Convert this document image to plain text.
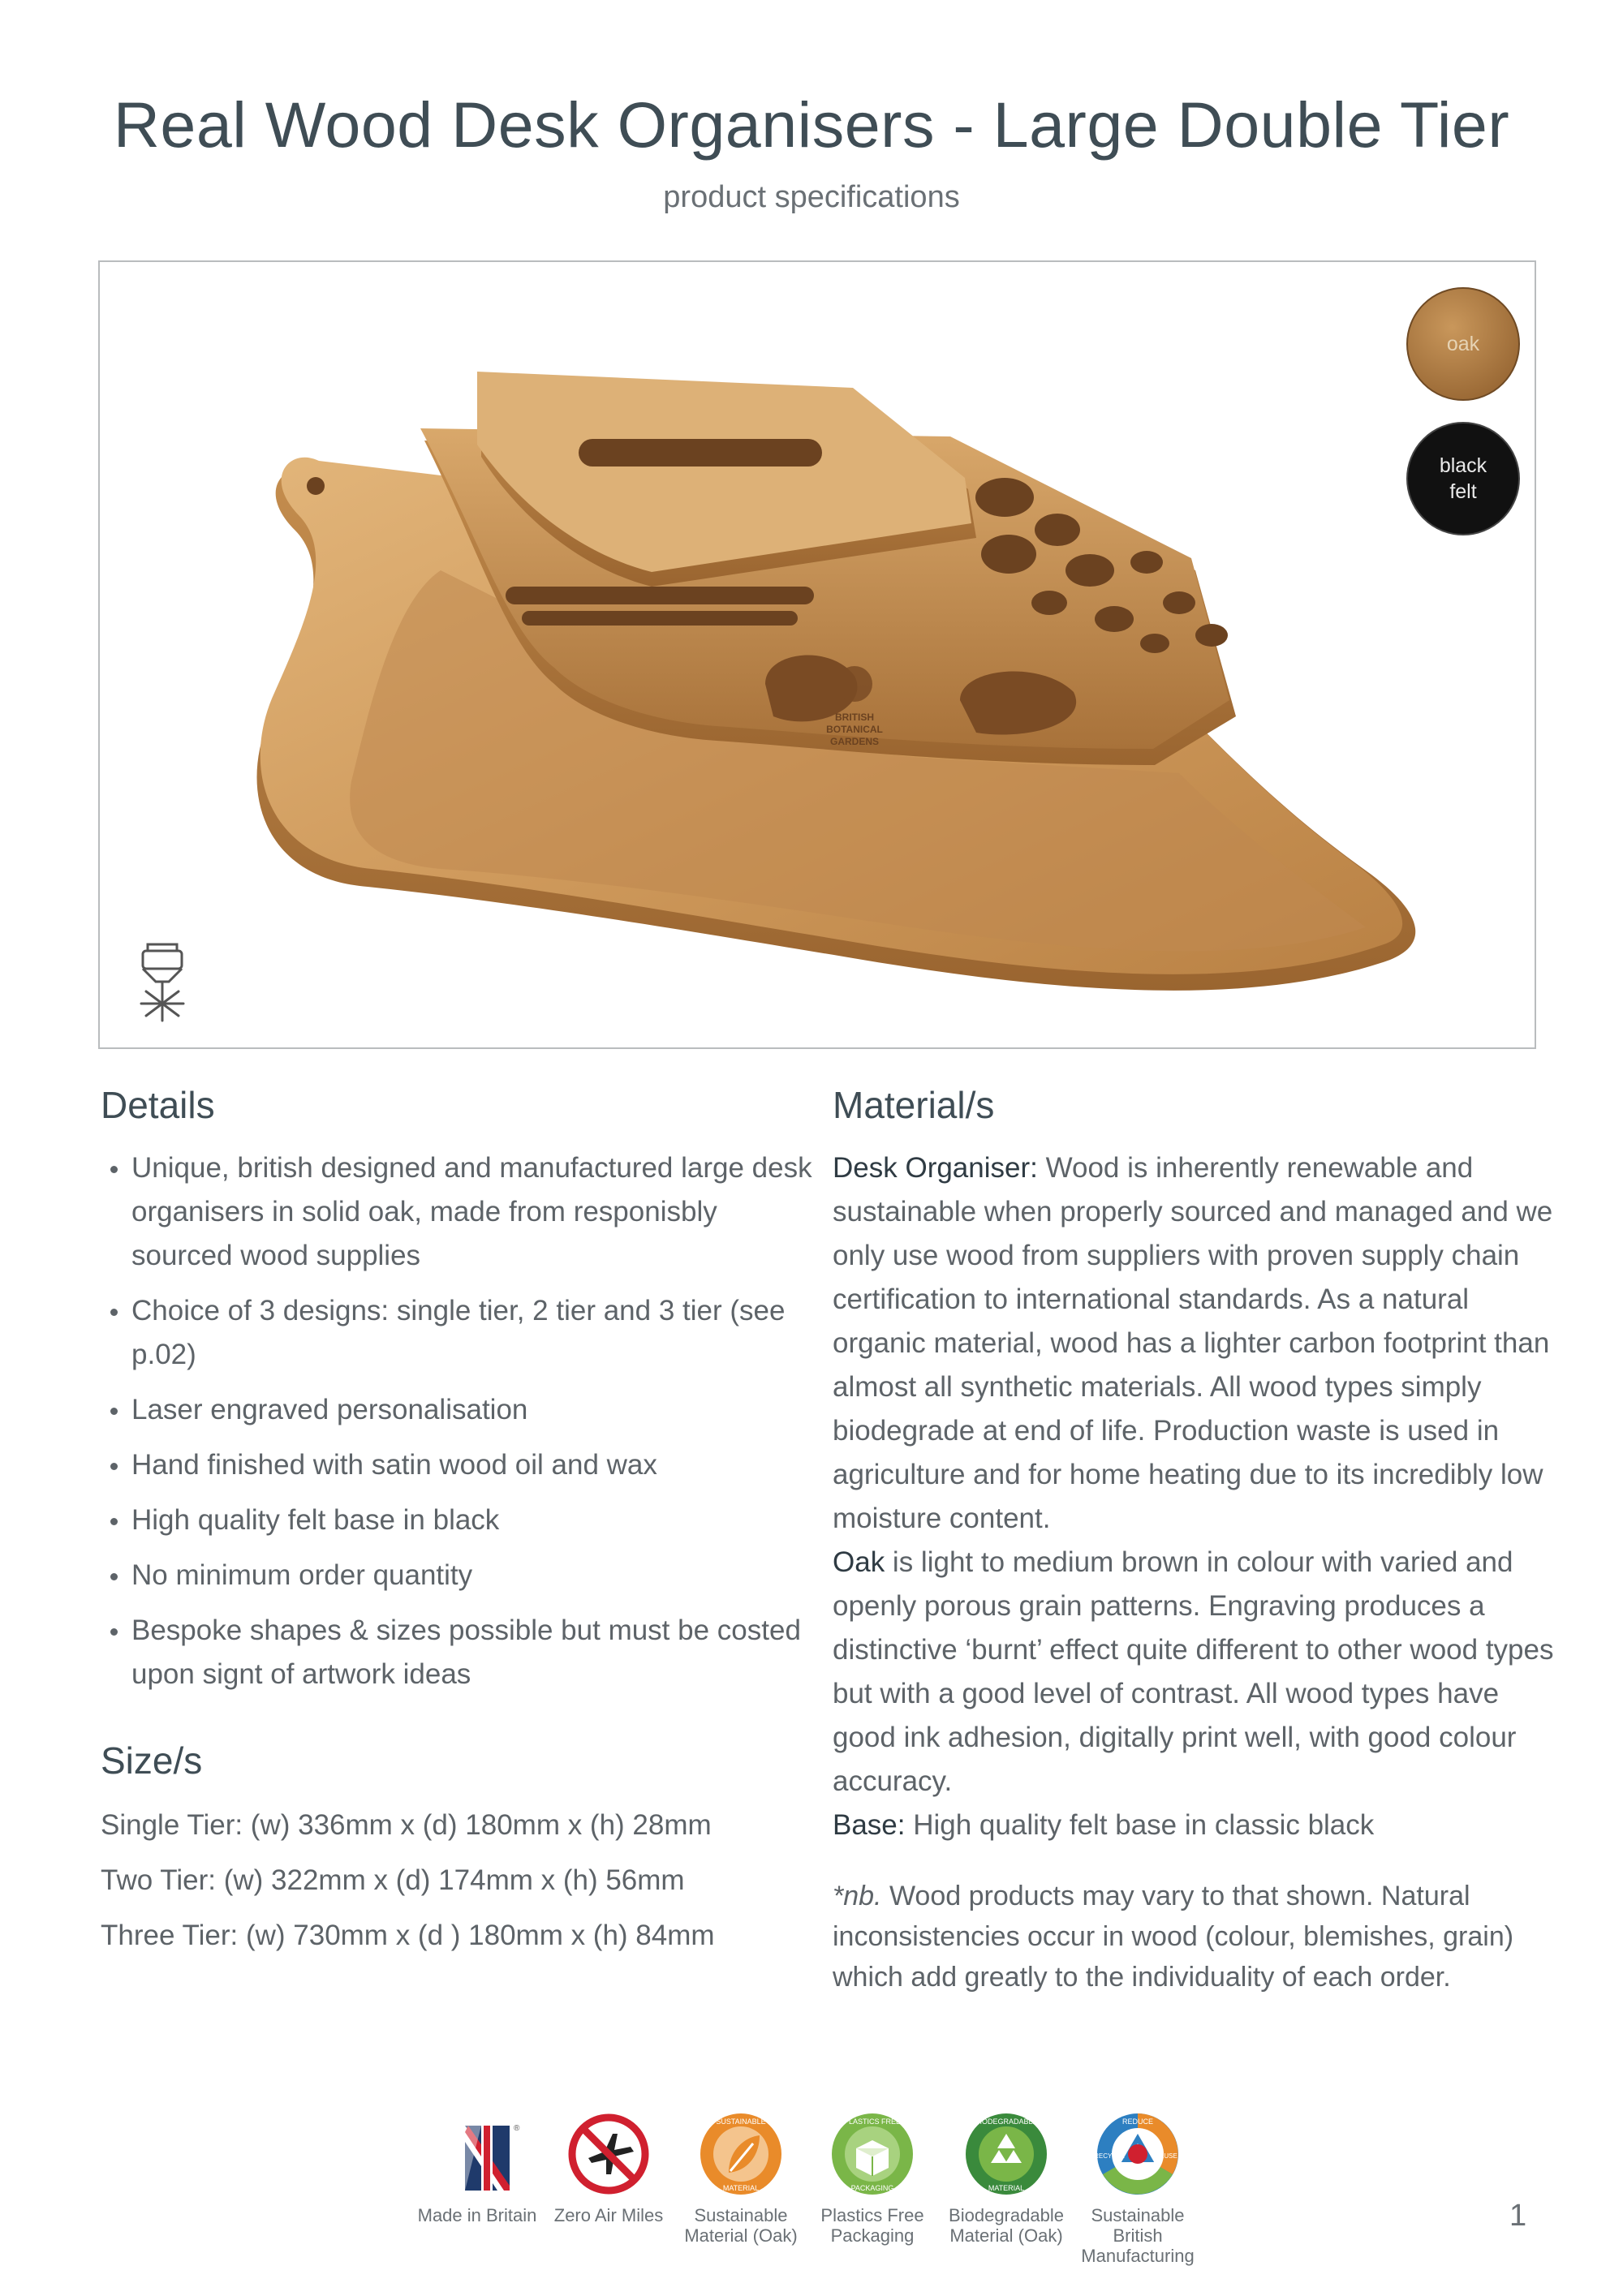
Real Wood Desk Organisers - Large Double Tier
product specifications
BRITISH
BOTANICAL
GARDENS
oak
black
felt
Details
Unique, british designed and manufactured large desk organisers in solid oak, made from responisbly sourced wood supplies
Choice of 3 designs: single tier, 2 tier and 3 tier (see p.02)
Laser engraved personalisation
Hand finished with satin wood oil and wax
High quality felt base in black
No minimum order quantity
Bespoke shapes & sizes possible but must be costed upon signt of artwork ideas
Size/s
Single Tier: (w) 336mm x (d) 180mm x (h) 28mm
Two Tier: (w) 322mm x (d) 174mm x (h) 56mm
Three Tier: (w) 730mm x (d ) 180mm x (h) 84mm
Material/s

Desk Organiser: Wood is inherently renewable and sustainable when properly sourced and managed and we only use wood from suppliers with proven supply chain certification to international standards. As a natural organic material, wood has a lighter carbon footprint than almost all synthetic materials. All wood types simply biodegrade at end of life. Production waste is used in agriculture and for home heating due to its incredibly low moisture content.

Oak is light to medium brown in colour with varied and openly porous grain patterns. Engraving produces a distinctive ‘burnt’ effect quite different to other wood types but with a good level of contrast. All wood types have good ink adhesion, digitally print well, with good colour accuracy.

Base: High quality felt base in classic black

*nb. Wood products may vary to that shown. Natural inconsistencies occur in wood (colour, blemishes, grain) which add greatly to the individuality of each order.
®
Made in Britain Zero Air Miles
SUSTAINABLE
MATERIAL
Sustainable Material (Oak)
PLASTICS FREE
PACKAGING
Plastics Free Packaging
BIODEGRADABLE
MATERIAL
Biodegradable Material (Oak)
REDUCE
REUSE
RECYCLE
Sustainable British Manufacturing
1
